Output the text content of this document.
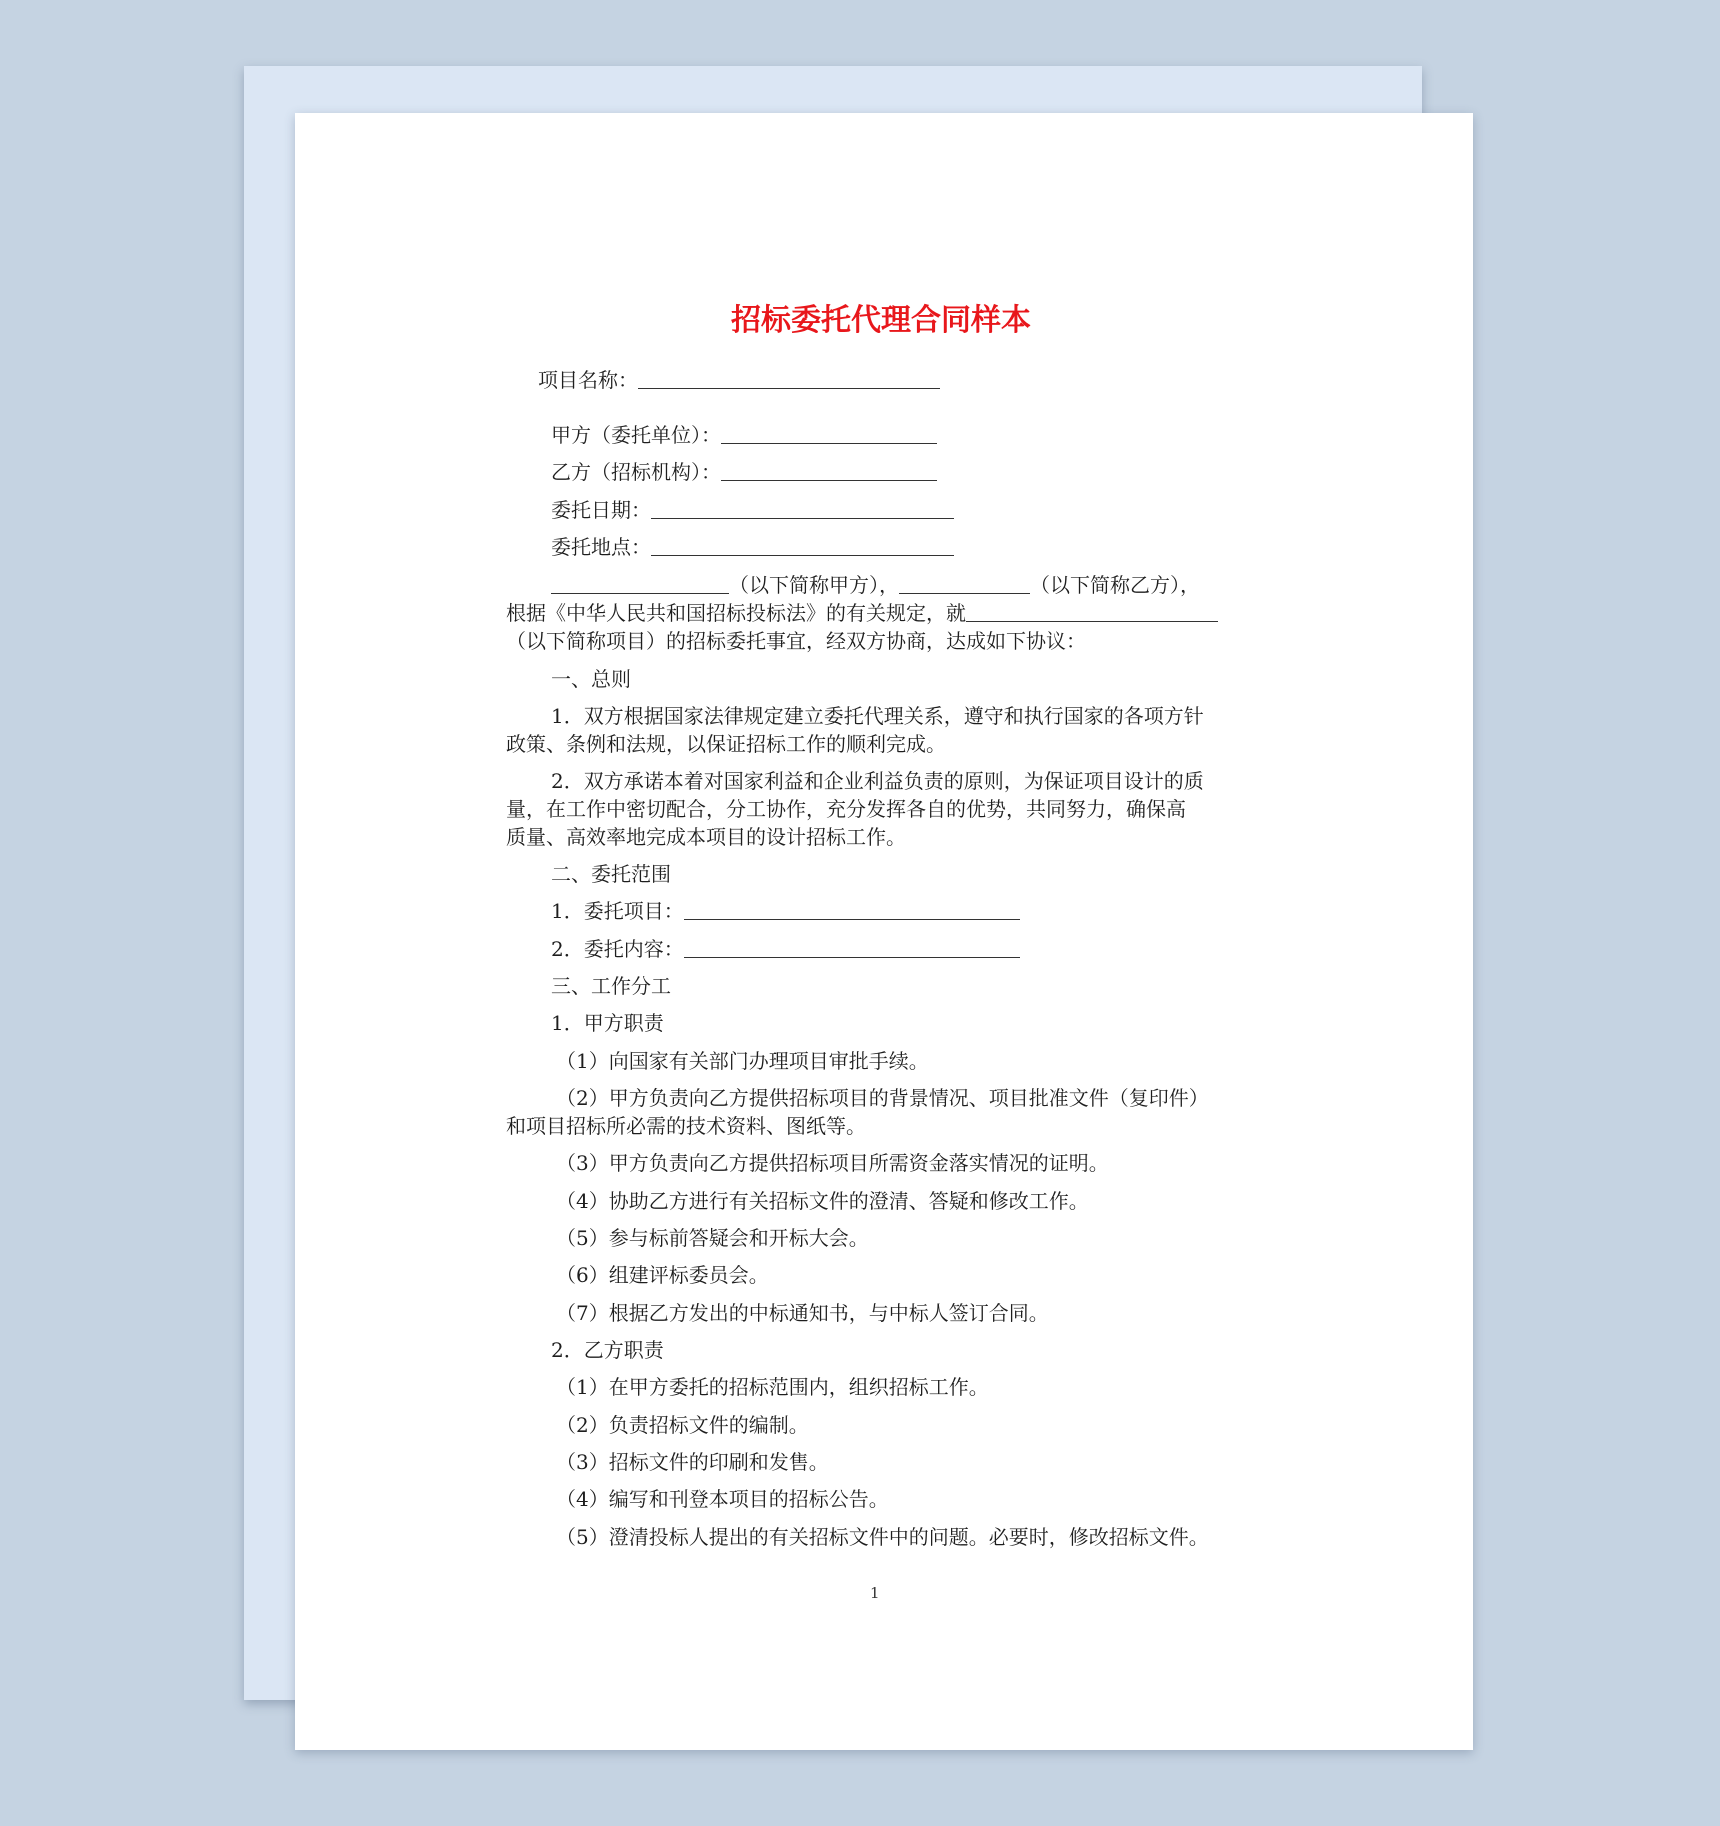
招标委托代理合同样本
项目名称：
甲方（委托单位）：
乙方（招标机构）：
委托日期：
委托地点：
（以下简称甲方），	（以下简称乙方），
根据《中华人民共和国招标投标法》的有关规定，就
（以下简称项目）的招标委托事宜，经双方协商，达成如下协议：
一、总则
1．双方根据国家法律规定建立委托代理关系，遵守和执行国家的各项方针
政策、条例和法规，以保证招标工作的顺利完成。
2．双方承诺本着对国家利益和企业利益负责的原则，为保证项目设计的质
量，在工作中密切配合，分工协作，充分发挥各自的优势，共同努力，确保高
质量、高效率地完成本项目的设计招标工作。
二、委托范围
1．委托项目：
2．委托内容：
三、工作分工
1．甲方职责
（1）向国家有关部门办理项目审批手续。
（2）甲方负责向乙方提供招标项目的背景情况、项目批准文件（复印件）
和项目招标所必需的技术资料、图纸等。
（3）甲方负责向乙方提供招标项目所需资金落实情况的证明。
（4）协助乙方进行有关招标文件的澄清、答疑和修改工作。
（5）参与标前答疑会和开标大会。
（6）组建评标委员会。
（7）根据乙方发出的中标通知书，与中标人签订合同。
2．乙方职责
（1）在甲方委托的招标范围内，组织招标工作。
（2）负责招标文件的编制。
（3）招标文件的印刷和发售。
（4）编写和刊登本项目的招标公告。
（5）澄清投标人提出的有关招标文件中的问题。必要时，修改招标文件。
1
